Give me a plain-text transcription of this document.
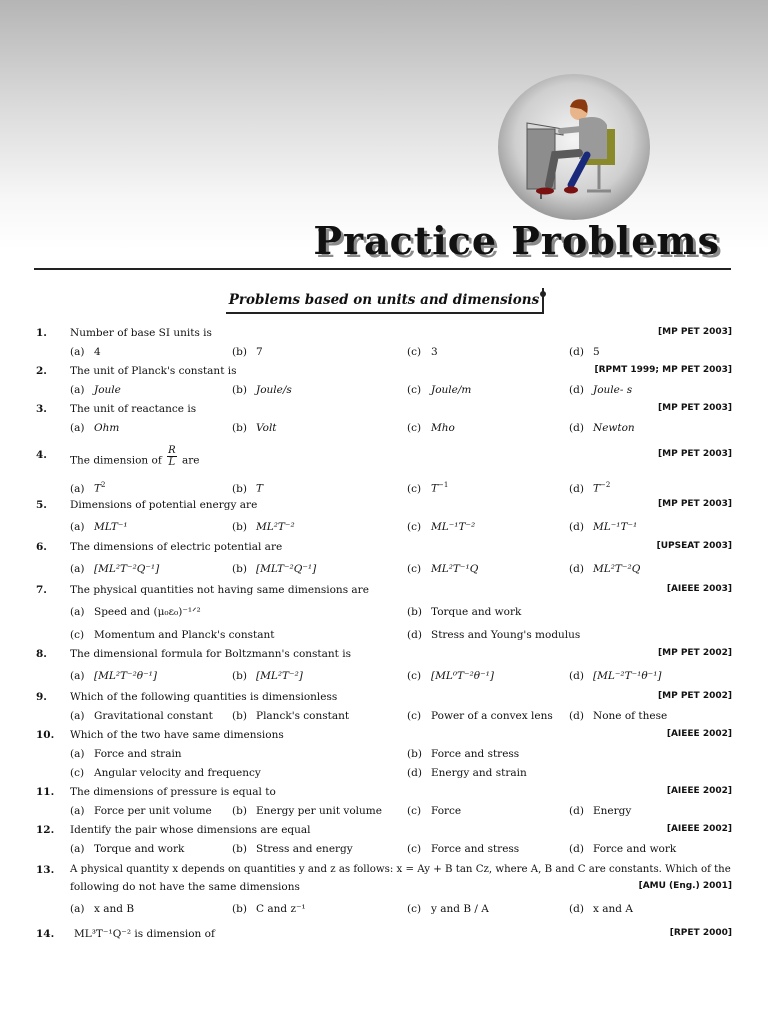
Practice Problems
Problems based on units and dimensions
1. Number of base SI units is	[MP PET 2003]
(a) 4	(b) 7	(c) 3	(d) 5
2. The unit of Planck's constant is	[RPMT 1999; MP PET 2003]
(a) Joule	(b) Joule/s	(c) Joule/m	(d) Joule- s
3. The unit of reactance is	[MP PET 2003]
(a) Ohm	(b) Volt	(c) Mho	(d) Newton
4. The dimension of $\frac{R}{L}$ are
[MP PET 2003]
(a) $T^2$	(b) T	(c) $T^{-1}$	(d) $T^{-2}$
5. Dimensions of potential energy are	[MP PET 2003]
(a) MLT⁻¹	(b) ML²T⁻²	(c) ML⁻¹T⁻²	(d) ML⁻¹T⁻¹
6. The dimensions of electric potential are	[UPSEAT 2003]
(a) [ML²T⁻²Q⁻¹]	(b) [MLT⁻²Q⁻¹]	(c) ML²T⁻¹Q	(d) ML²T⁻²Q
7. The physical quantities not having same dimensions are	[AIEEE 2003]
(a) Speed and (μ₀ε₀)⁻¹ᐟ²	(b) Torque and work
(c) Momentum and Planck's constant	(d) Stress and Young's modulus
8. The dimensional formula for Boltzmann's constant is	[MP PET 2002]
(a) [ML²T⁻²θ⁻¹]	(b) [ML²T⁻²]	(c) [ML⁰T⁻²θ⁻¹]	(d) [ML⁻²T⁻¹θ⁻¹]
9. Which of the following quantities is dimensionless	[MP PET 2002]
(a) Gravitational constant (b) Planck's constant	(c) Power of a convex lens (d) None of these
10. Which of the two have same dimensions	[AIEEE 2002]
(a) Force and strain	(b) Force and stress
(c) Angular velocity and frequency	(d) Energy and strain
11. The dimensions of pressure is equal to	[AIEEE 2002]
(a) Force per unit volume (b) Energy per unit volume (c) Force	(d) Energy
12. Identify the pair whose dimensions are equal	[AIEEE 2002]
(a) Torque and work	(b) Stress and energy	(c) Force and stress	(d) Force and work
13. A physical quantity x depends on quantities y and z as follows: x = Ay + B tan Cz, where A, B and C are constants. Which of the
following do not have the same dimensions	[AMU (Eng.) 2001]
(a) x and B	(b) C and z⁻¹	(c) y and B / A	(d) x and A
14. ML³T⁻¹Q⁻² is dimension of	[RPET 2000]
